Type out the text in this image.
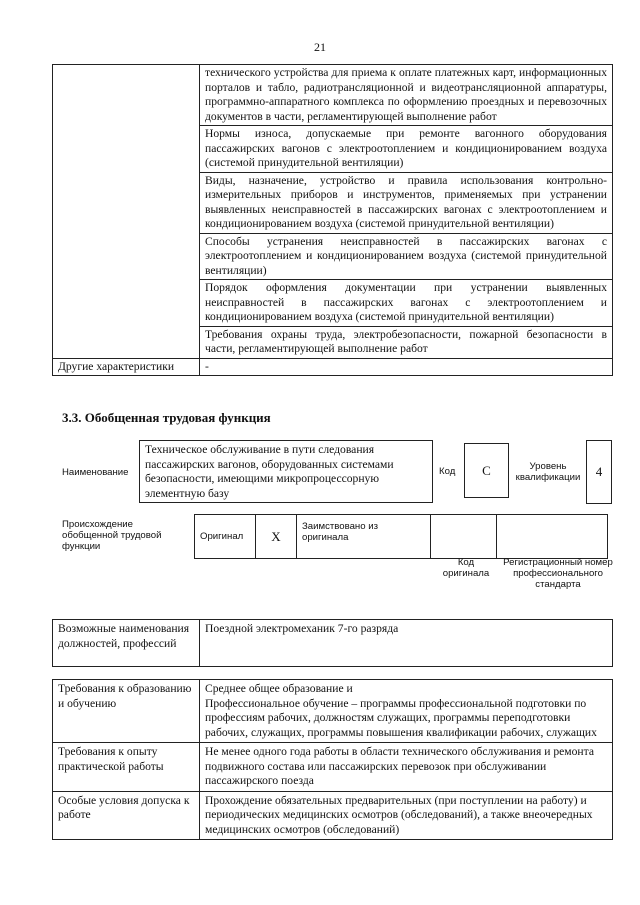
21
	технического устройства для приема к оплате платежных карт, информационных порталов и табло, радиотрансляционной и видеотрансляционной аппаратуры, программно-аппаратного комплекса по оформлению проездных и перевозочных документов в части, регламентирующей выполнение работ
	Нормы износа, допускаемые при ремонте вагонного оборудования пассажирских вагонов с электроотоплением и кондиционированием воздуха (системой принудительной вентиляции)
	Виды, назначение, устройство и правила использования контрольно-измерительных приборов и инструментов, применяемых при устранении выявленных неисправностей в пассажирских вагонах с электроотоплением и кондиционированием воздуха (системой принудительной вентиляции)
	Способы устранения неисправностей в пассажирских вагонах с электроотоплением и кондиционированием воздуха (системой принудительной вентиляции)
	Порядок оформления документации при устранении выявленных неисправностей в пассажирских вагонах с электроотоплением и кондиционированием воздуха (системой принудительной вентиляции)
	Требования охраны труда, электробезопасности, пожарной безопасности в части, регламентирующей выполнение работ
Другие характеристики	-
3.3. Обобщенная трудовая функция
Наименование
Техническое обслуживание в пути следования пассажирских вагонов, оборудованных системами безопасности, имеющими микропроцессорную элементную базу
Код	C	Уровень квалификации	4
Происхождение обобщенной трудовой функции
Оригинал	X	Заимствовано из оригинала		
Код оригинала
Регистрационный номер профессионального стандарта
Возможные наименования должностей, профессий	Поездной электромеханик 7-го разряда
Требования к образованию и обучению	Среднее общее образование и
Профессиональное обучение – программы профессиональной подготовки по профессиям рабочих, должностям служащих, программы переподготовки рабочих, служащих, программы повышения квалификации рабочих, служащих

Требования к опыту практической работы	Не менее одного года работы в области технического обслуживания и ремонта подвижного состава или пассажирских перевозок при обслуживании пассажирского поезда

Особые условия допуска к работе	Прохождение обязательных предварительных (при поступлении на работу) и периодических медицинских осмотров (обследований), а также внеочередных медицинских осмотров (обследований)
